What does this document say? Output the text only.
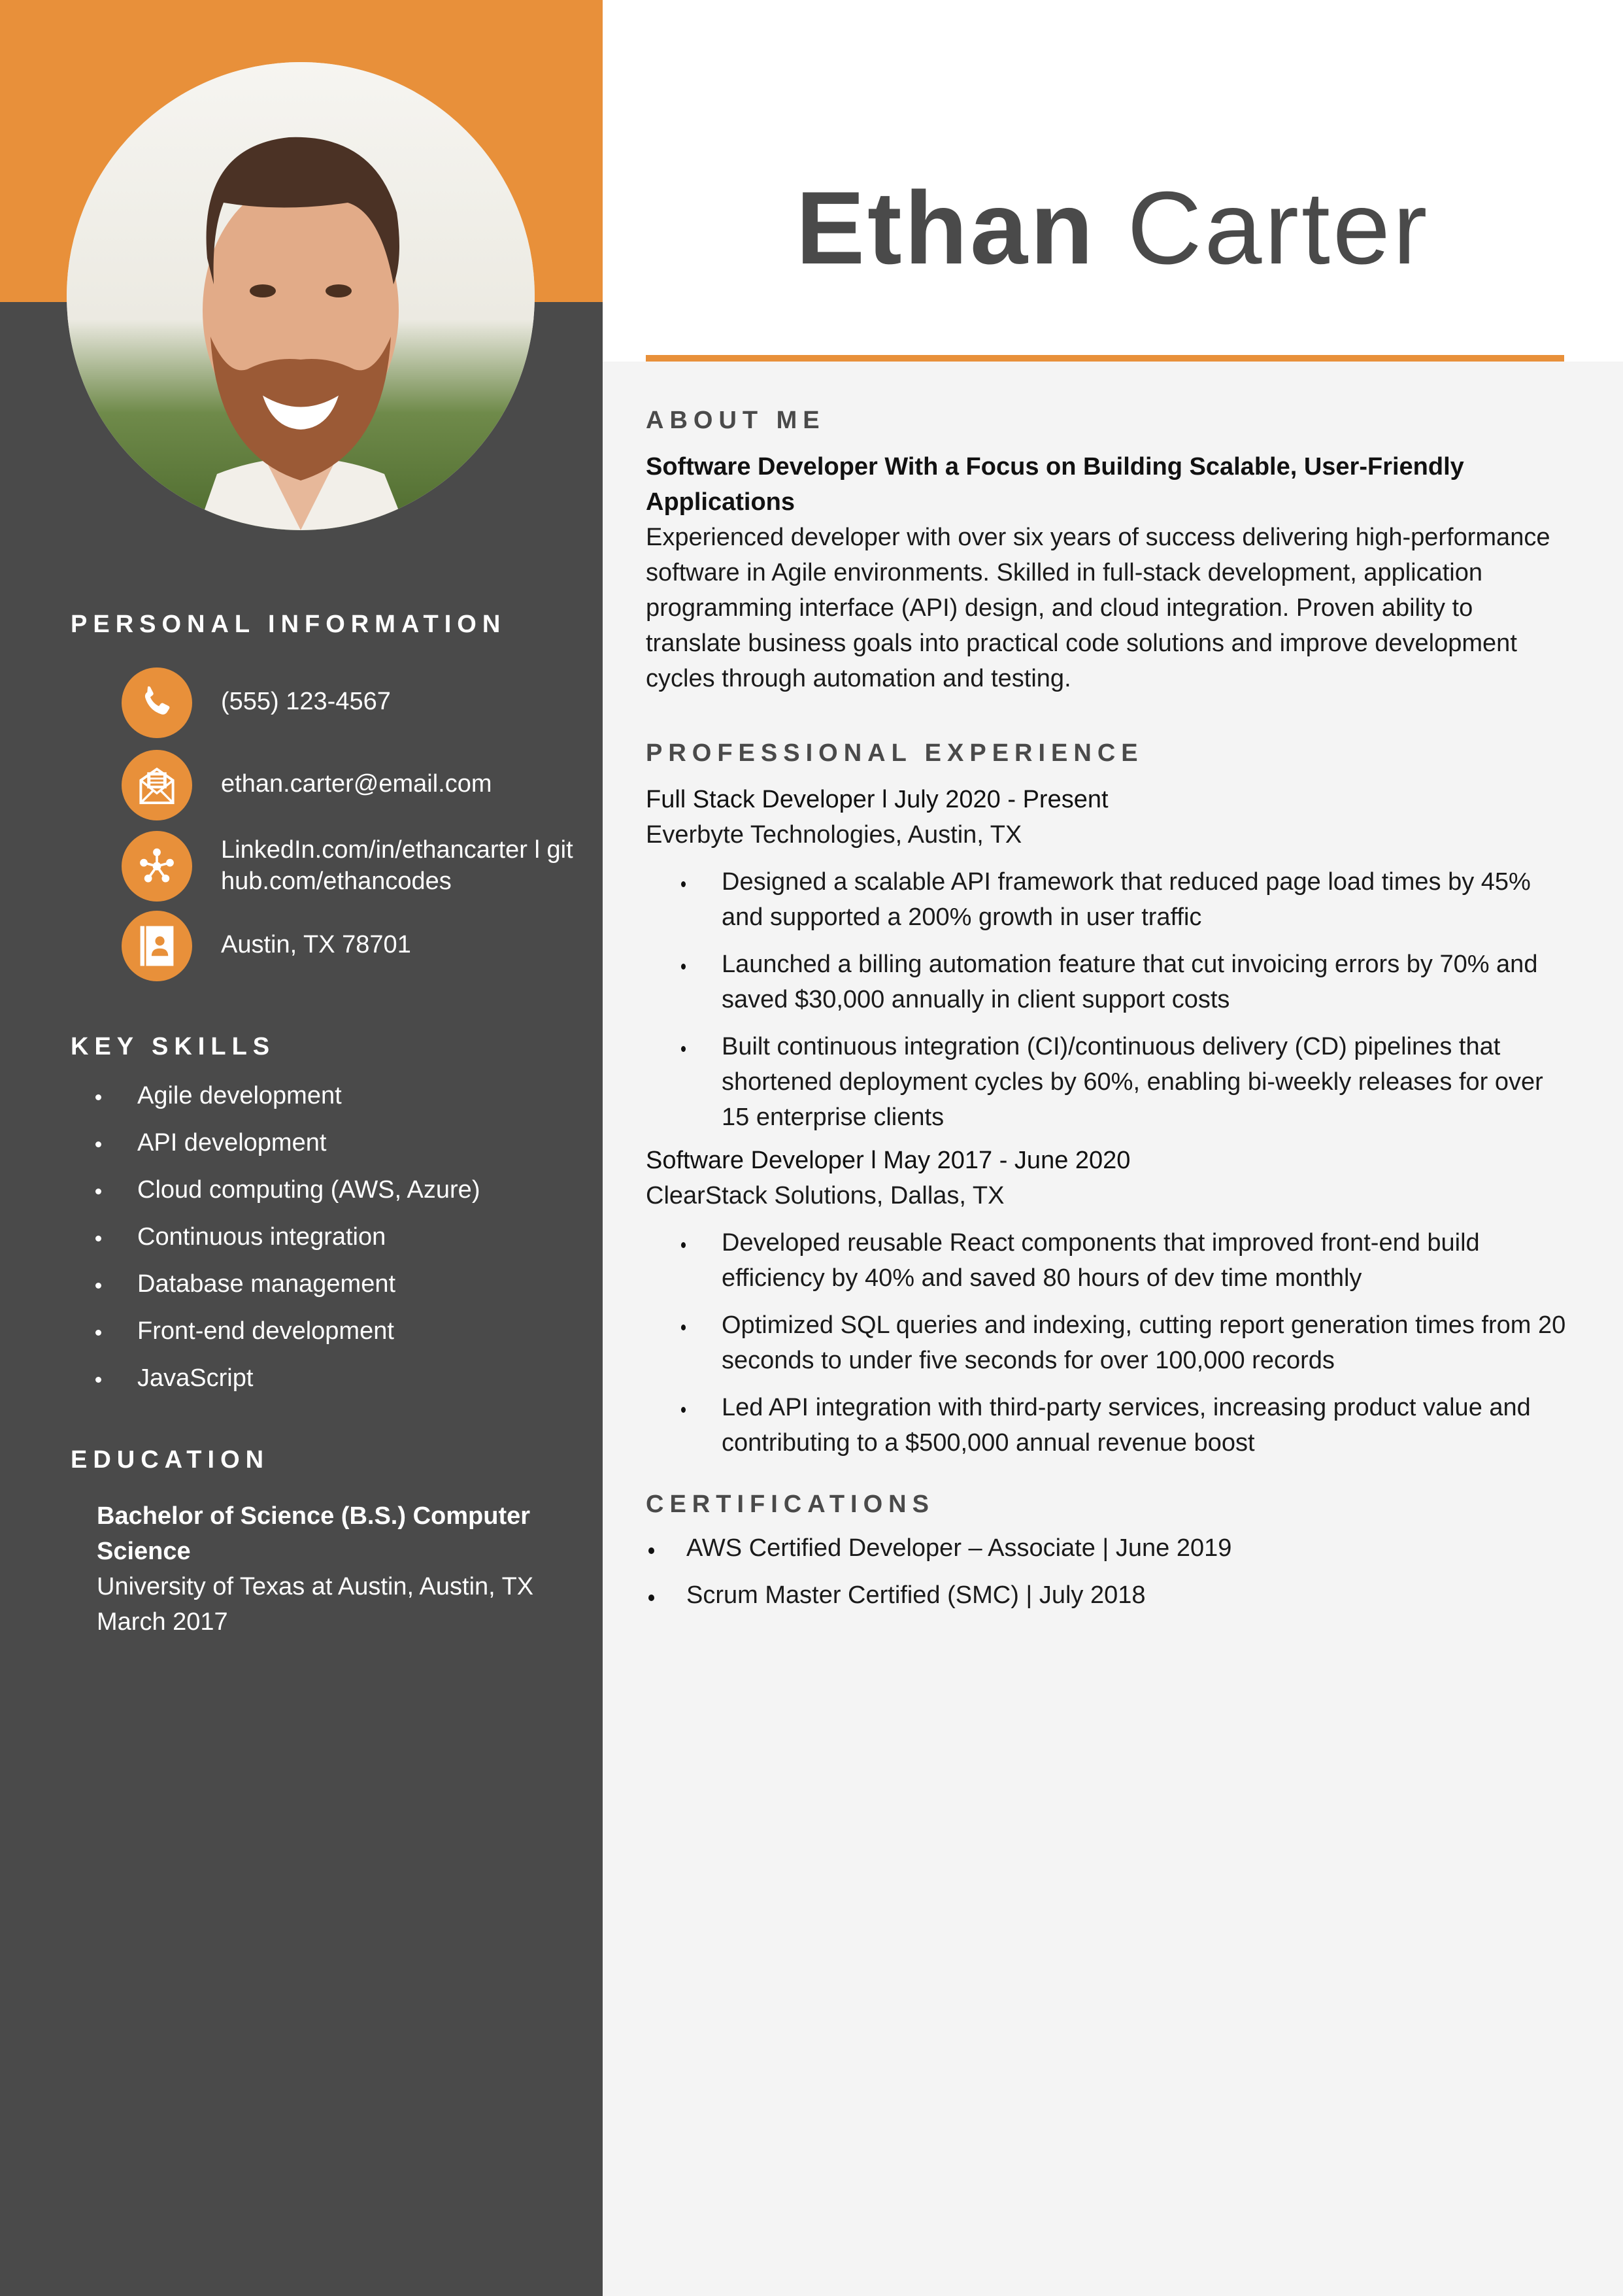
Ethan Carter
PERSONAL INFORMATION
(555) 123-4567
ethan.carter@email.com
LinkedIn.com/in/ethancarter l github.com/ethancodes
Austin, TX 78701
KEY SKILLS
Agile development
API development
Cloud computing (AWS, Azure)
Continuous integration
Database management
Front-end development
JavaScript
EDUCATION
Bachelor of Science (B.S.) Computer Science
University of Texas at Austin, Austin, TX
March 2017
ABOUT ME
Software Developer With a Focus on Building Scalable, User-Friendly Applications
Experienced developer with over six years of success delivering high-performance software in Agile environments. Skilled in full-stack development, application programming interface (API) design, and cloud integration. Proven ability to translate business goals into practical code solutions and improve development cycles through automation and testing.
PROFESSIONAL EXPERIENCE
Full Stack Developer l July 2020 - Present
Everbyte Technologies, Austin, TX
Designed a scalable API framework that reduced page load times by 45% and supported a 200% growth in user traffic
Launched a billing automation feature that cut invoicing errors by 70% and saved $30,000 annually in client support costs
Built continuous integration (CI)/continuous delivery (CD) pipelines that shortened deployment cycles by 60%, enabling bi-weekly releases for over 15 enterprise clients
Software Developer l May 2017 - June 2020
ClearStack Solutions, Dallas, TX
Developed reusable React components that improved front-end build efficiency by 40% and saved 80 hours of dev time monthly
Optimized SQL queries and indexing, cutting report generation times from 20 seconds to under five seconds for over 100,000 records
Led API integration with third-party services, increasing product value and contributing to a $500,000 annual revenue boost
CERTIFICATIONS
AWS Certified Developer – Associate | June 2019
Scrum Master Certified (SMC) | July 2018
